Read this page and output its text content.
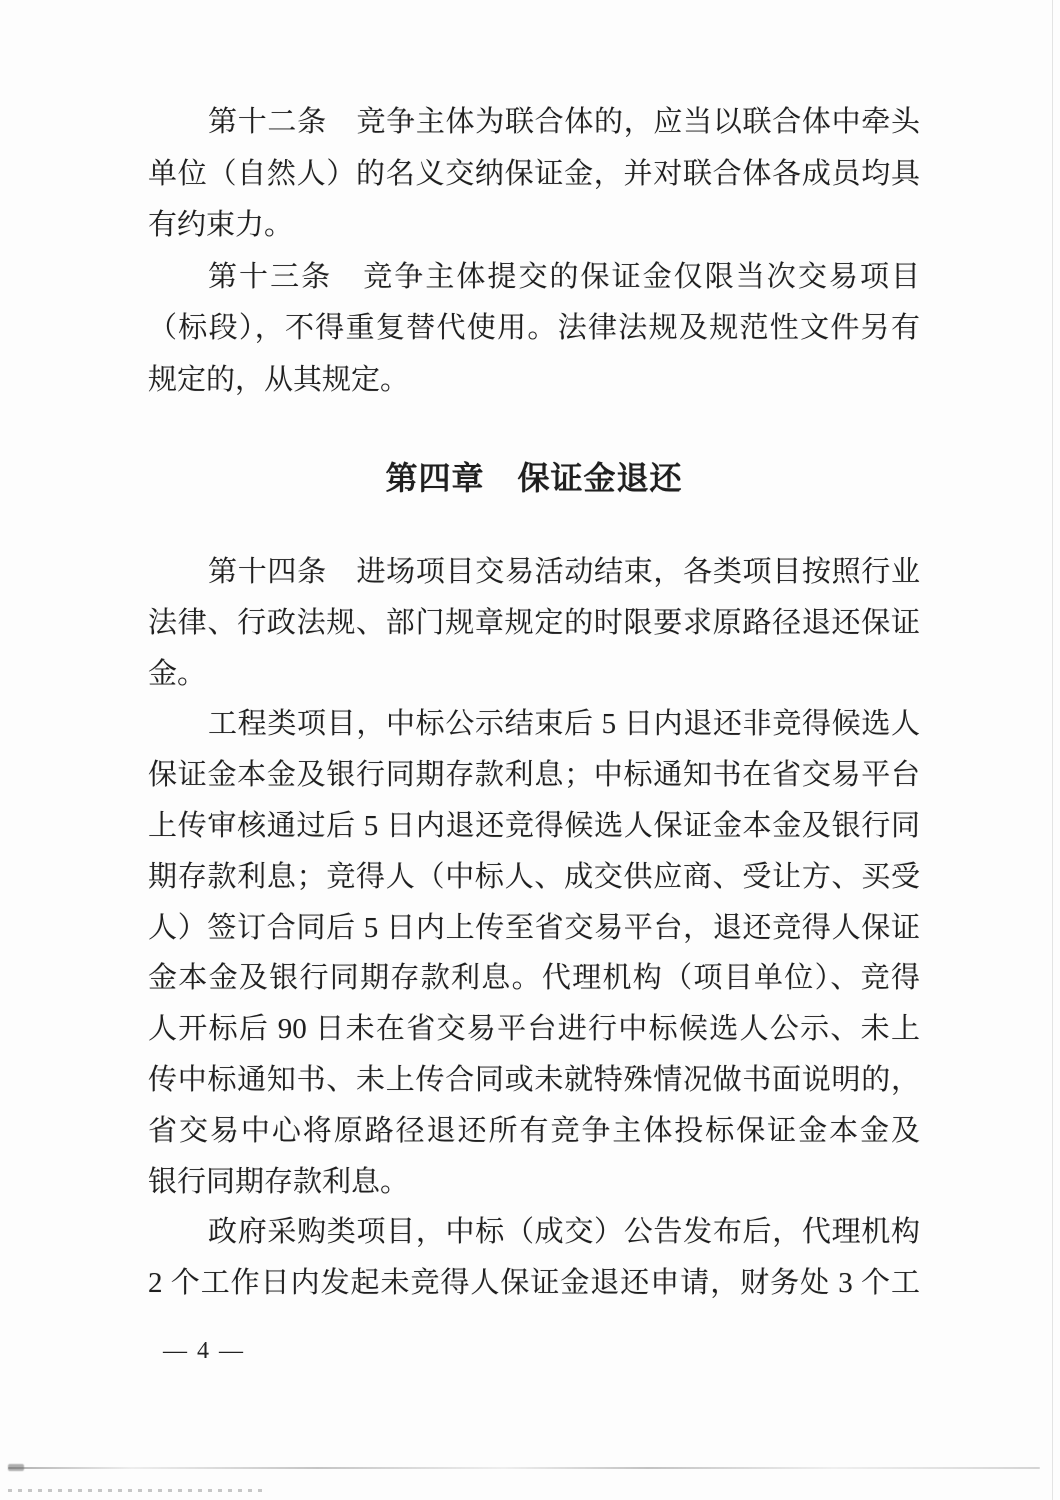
第十二条　竞争主体为联合体的，应当以联合体中牵头
单位（自然人）的名义交纳保证金，并对联合体各成员均具
有约束力。
第十三条　竞争主体提交的保证金仅限当次交易项目
（标段），不得重复替代使用。法律法规及规范性文件另有
规定的，从其规定。
第四章　保证金退还
第十四条　进场项目交易活动结束，各类项目按照行业
法律、行政法规、部门规章规定的时限要求原路径退还保证
金。
工程类项目，中标公示结束后 5 日内退还非竞得候选人
保证金本金及银行同期存款利息；中标通知书在省交易平台
上传审核通过后 5 日内退还竞得候选人保证金本金及银行同
期存款利息；竞得人（中标人、成交供应商、受让方、买受
人）签订合同后 5 日内上传至省交易平台，退还竞得人保证
金本金及银行同期存款利息。代理机构（项目单位）、竞得
人开标后 90 日未在省交易平台进行中标候选人公示、未上
传中标通知书、未上传合同或未就特殊情况做书面说明的，
省交易中心将原路径退还所有竞争主体投标保证金本金及
银行同期存款利息。
政府采购类项目，中标（成交）公告发布后，代理机构
2 个工作日内发起未竞得人保证金退还申请，财务处 3 个工
— 4 —
